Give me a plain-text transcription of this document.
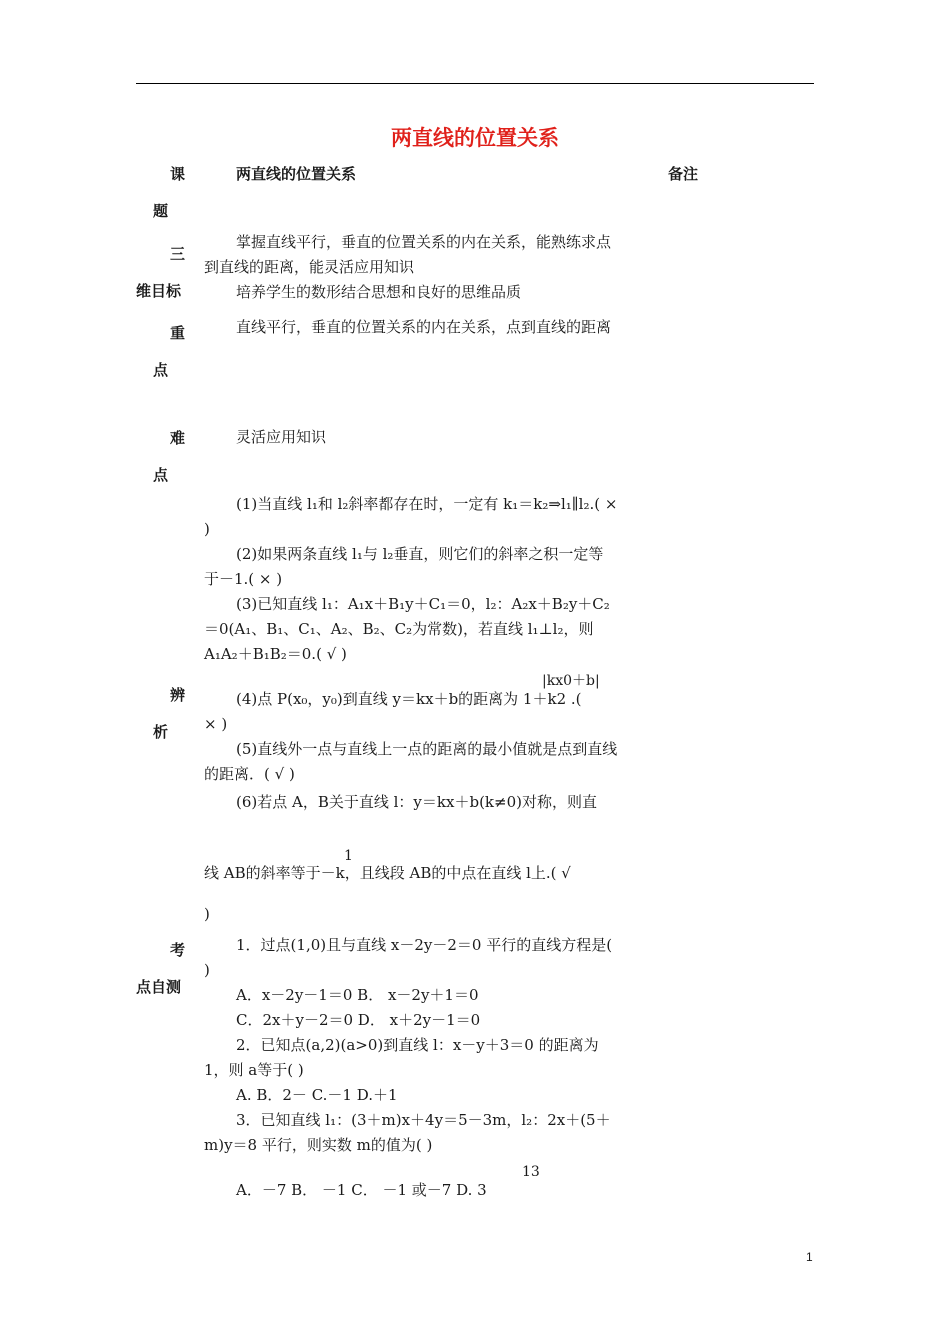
两直线的位置关系
课
题
三
维目标
重
点
难
点
辨
析
考
点自测
备注
两直线的位置关系
掌握直线平行，垂直的位置关系的内在关系，能熟练求点到直线的距离，能灵活应用知识
培养学生的数形结合思想和良好的思维品质
直线平行，垂直的位置关系的内在关系，点到直线的距离
灵活应用知识
(1)当直线 l₁和 l₂斜率都存在时，一定有 k₁＝k₂⇒l₁∥l₂.( × )
(2)如果两条直线 l₁与 l₂垂直，则它们的斜率之积一定等于－1.( × )
(3)已知直线 l₁：A₁x＋B₁y＋C₁＝0，l₂：A₂x＋B₂y＋C₂＝0(A₁、B₁、C₁、A₂、B₂、C₂为常数)，若直线 l₁⊥l₂，则 A₁A₂＋B₁B₂＝0.( √ )
|kx0＋b|
(4)点 P(x₀，y₀)到直线 y＝kx＋b的距离为 1＋k2 .(
× )
(5)直线外一点与直线上一点的距离的最小值就是点到直线的距离．( √ )
(6)若点 A，B关于直线 l：y＝kx＋b(k≠0)对称，则直
1
线 AB的斜率等于－k，且线段 AB的中点在直线 l上.( √
)
1．过点(1,0)且与直线 x－2y－2＝0 平行的直线方程是( )
A．x－2y－1＝0 B． x－2y＋1＝0
C．2x＋y－2＝0 D． x＋2y－1＝0
2．已知点(a,2)(a>0)到直线 l：x－y＋3＝0 的距离为 1，则 a等于( )
A. B．2－ C.－1 D.＋1
3．已知直线 l₁：(3＋m)x＋4y＝5－3m，l₂：2x＋(5＋m)y＝8 平行，则实数 m的值为( )
13
A．－7 B． －1 C． －1 或－7 D. 3
1
